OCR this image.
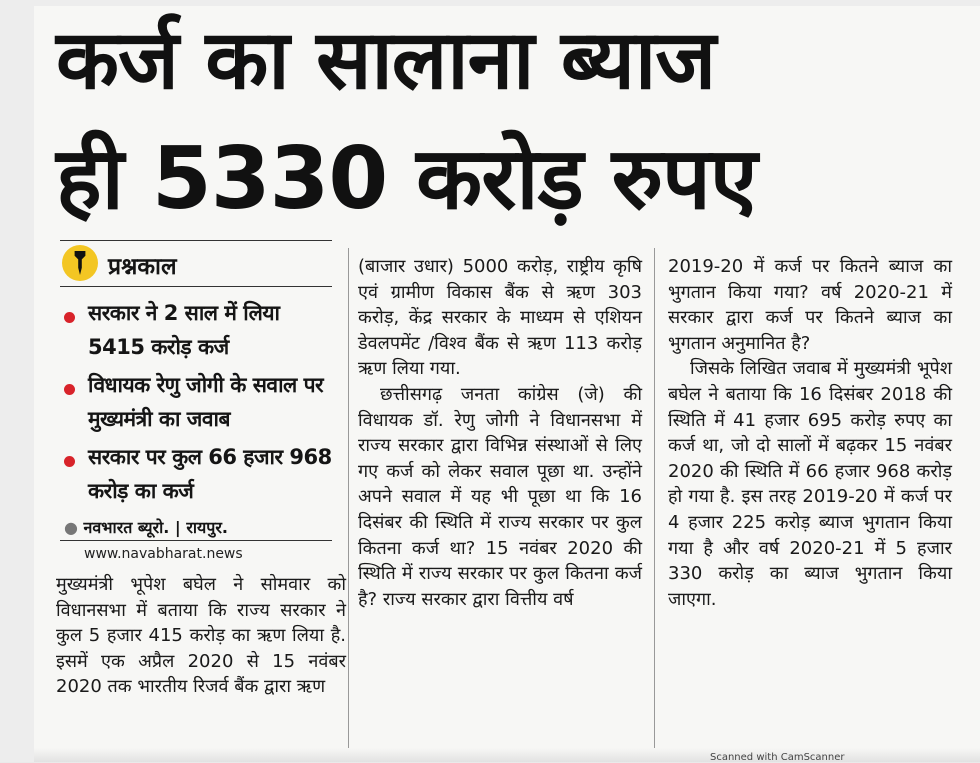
कर्ज का सालाना ब्याज
ही 5330 करोड़ रुपए
प्रश्नकाल
सरकार ने 2 साल में लिया 5415 करोड़ कर्ज
विधायक रेणु जोगी के सवाल पर मुख्यमंत्री का जवाब
सरकार पर कुल 66 हजार 968 करोड़ का कर्ज
● नवभारत ब्यूरो. | रायपुर.
www.navabharat.news

मुख्यमंत्री भूपेश बघेल ने सोमवार को विधानसभा में बताया कि राज्य सरकार ने कुल 5 हजार 415 करोड़ का ऋण लिया है. इसमें एक अप्रैल 2020 से 15 नवंबर 2020 तक भारतीय रिजर्व बैंक द्वारा ऋण

(बाजार उधार) 5000 करोड़, राष्ट्रीय कृषि एवं ग्रामीण विकास बैंक से ऋण 303 करोड़, केंद्र सरकार के माध्यम से एशियन डेवलपमेंट /विश्व बैंक से ऋण 113 करोड़ ऋण लिया गया.

छत्तीसगढ़ जनता कांग्रेस (जे) की विधायक डॉ. रेणु जोगी ने विधानसभा में राज्य सरकार द्वारा विभिन्न संस्थाओं से लिए गए कर्ज को लेकर सवाल पूछा था. उन्होंने अपने सवाल में यह भी पूछा था कि 16 दिसंबर की स्थिति में राज्य सरकार पर कुल कितना कर्ज था? 15 नवंबर 2020 की स्थिति में राज्य सरकार पर कुल कितना कर्ज है? राज्य सरकार द्वारा वित्तीय वर्ष

2019-20 में कर्ज पर कितने ब्याज का भुगतान किया गया? वर्ष 2020-21 में सरकार द्वारा कर्ज पर कितने ब्याज का भुगतान अनुमानित है?

जिसके लिखित जवाब में मुख्यमंत्री भूपेश बघेल ने बताया कि 16 दिसंबर 2018 की स्थिति में 41 हजार 695 करोड़ रुपए का कर्ज था, जो दो सालों में बढ़कर 15 नवंबर 2020 की स्थिति में 66 हजार 968 करोड़ हो गया है. इस तरह 2019-20 में कर्ज पर 4 हजार 225 करोड़ ब्याज भुगतान किया गया है और वर्ष 2020-21 में 5 हजार 330 करोड़ का ब्याज भुगतान किया जाएगा.

Scanned with CamScanner
